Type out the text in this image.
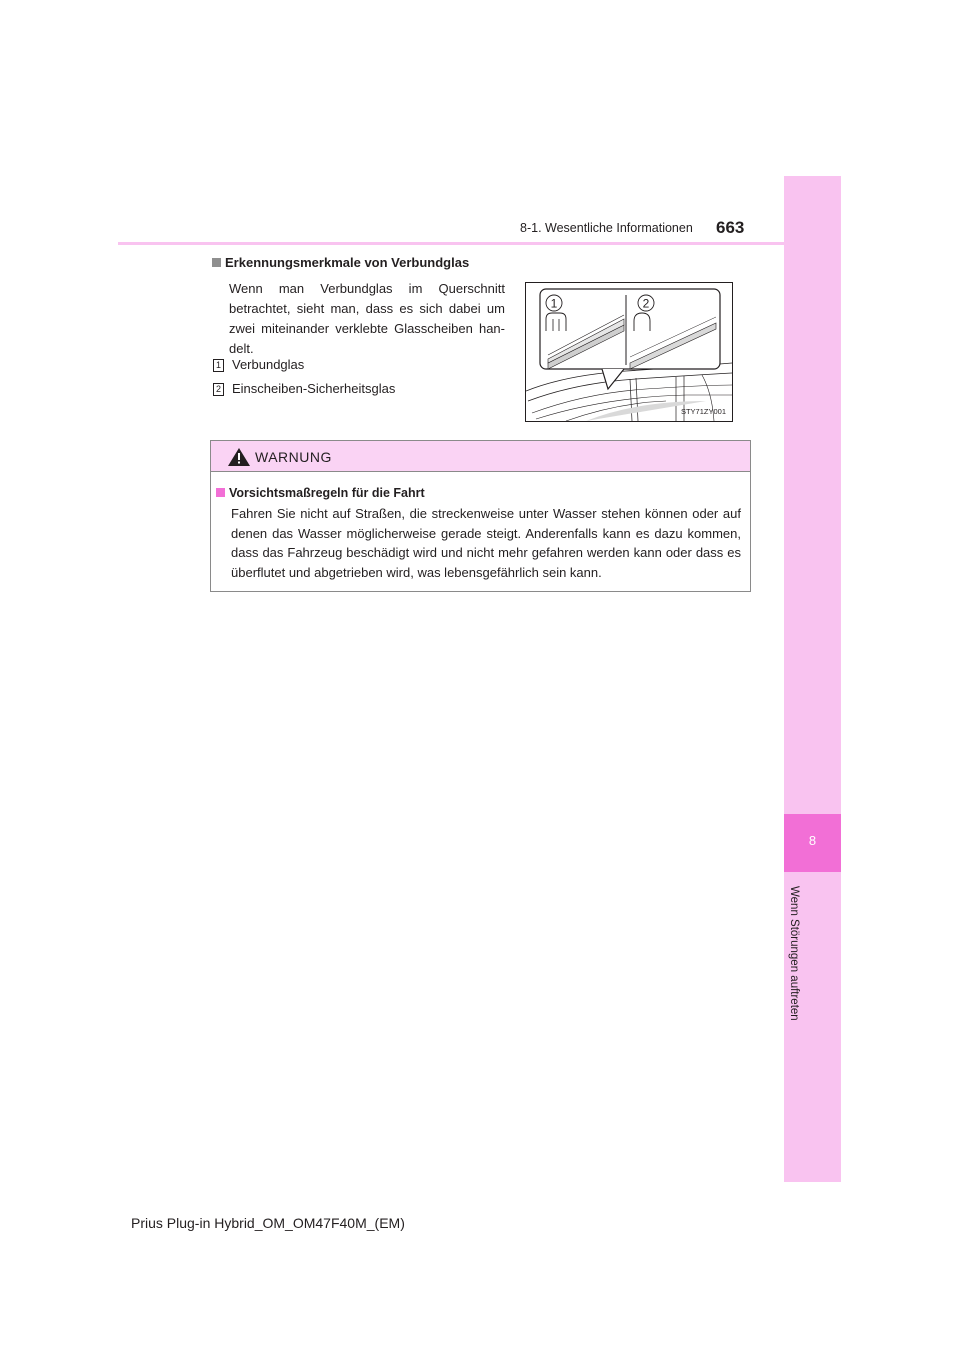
8
Wenn Störungen auftreten
8-1. Wesentliche Informationen 663
Erkennungsmerkmale von Verbundglas
Wenn man Verbundglas im Querschnitt betrachtet, sieht man, dass es sich dabei um zwei miteinander verklebte Glasscheiben han-delt.
1 Verbundglas
2 Einscheiben-Sicherheitsglas
1	2
STY71ZY001
WARNUNG
Vorsichtsmaßregeln für die Fahrt
Fahren Sie nicht auf Straßen, die streckenweise unter Wasser stehen können oder auf denen das Wasser möglicherweise gerade steigt. Anderenfalls kann es dazu kommen, dass das Fahrzeug beschädigt wird und nicht mehr gefahren werden kann oder dass es überflutet und abgetrieben wird, was lebensgefährlich sein kann.
Prius Plug-in Hybrid_OM_OM47F40M_(EM)
